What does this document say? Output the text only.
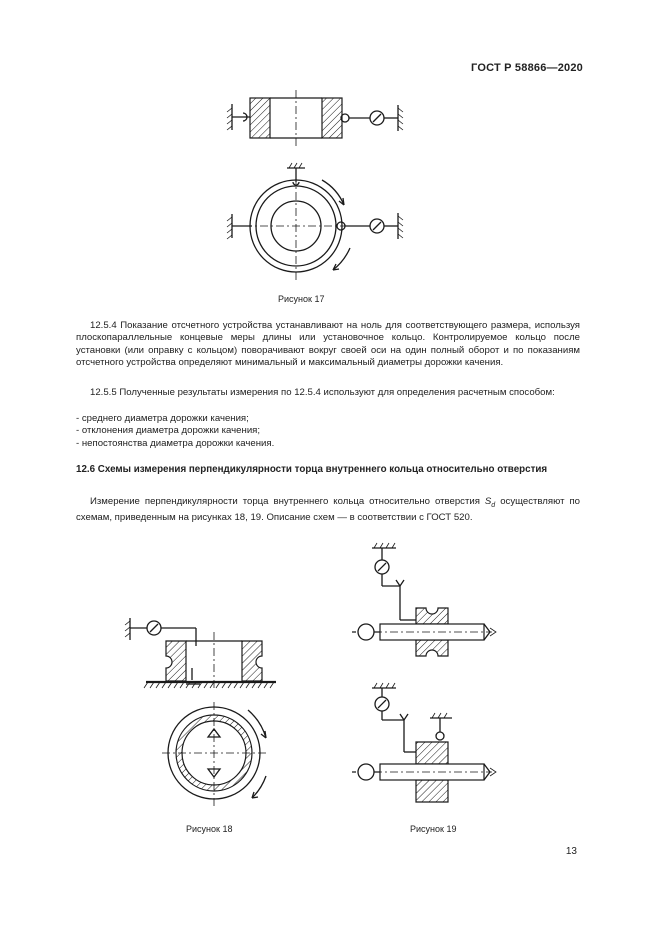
ГОСТ Р 58866—2020
Рисунок 17
12.5.4 Показание отсчетного устройства устанавливают на ноль для соответствующего размера, используя плоскопараллельные концевые меры длины или установочное кольцо. Контролируемое кольцо после установки (или оправку с кольцом) поворачивают вокруг своей оси на один полный оборот и по показаниям отсчетного устройства определяют минимальный и максимальный диаметры дорожки качения.
12.5.5 Полученные результаты измерения по 12.5.4 используют для определения расчетным способом:
- среднего диаметра дорожки качения;
- отклонения диаметра дорожки качения;
- непостоянства диаметра дорожки качения.
12.6 Схемы измерения перпендикулярности торца внутреннего кольца относительно отверстия
Измерение перпендикулярности торца внутреннего кольца относительно отверстия $S_d$ осуществляют по схемам, приведенным на рисунках 18, 19. Описание схем — в соответствии с ГОСТ 520.
Рисунок 18	Рисунок 19
13
